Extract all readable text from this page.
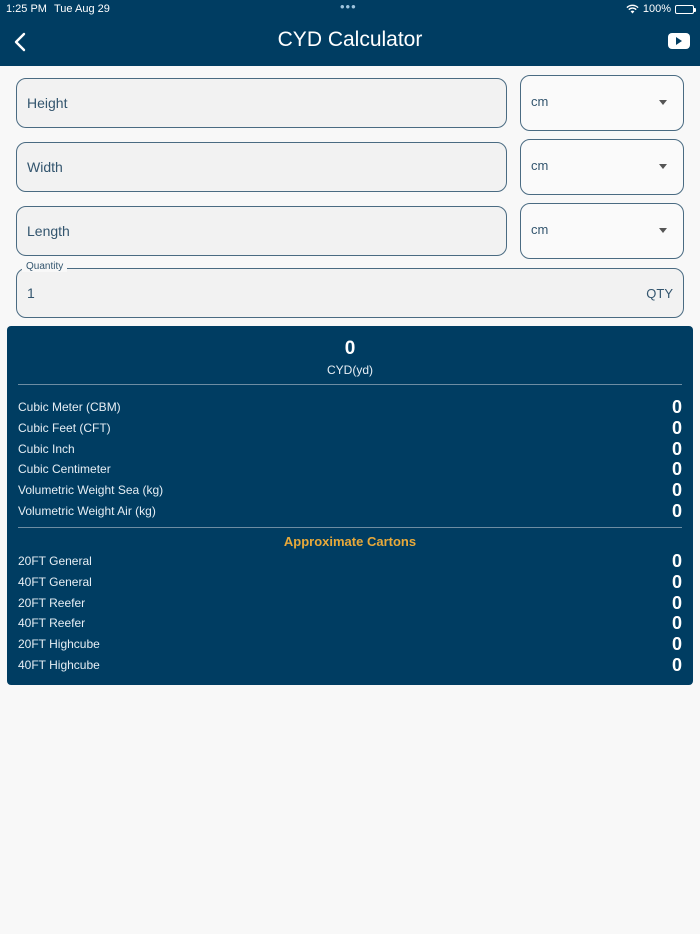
1:25 PM Tue Aug 29	•••	100%
CYD Calculator
Height	cm
Width	cm
Length	cm
1	QTY
Quantity
0
CYD(yd)
Cubic Meter (CBM)	0
Cubic Feet (CFT)	0
Cubic Inch	0
Cubic Centimeter	0
Volumetric Weight Sea (kg)	0
Volumetric Weight Air (kg)	0
Approximate Cartons
20FT General	0
40FT General	0
20FT Reefer	0
40FT Reefer	0
20FT Highcube	0
40FT Highcube	0
